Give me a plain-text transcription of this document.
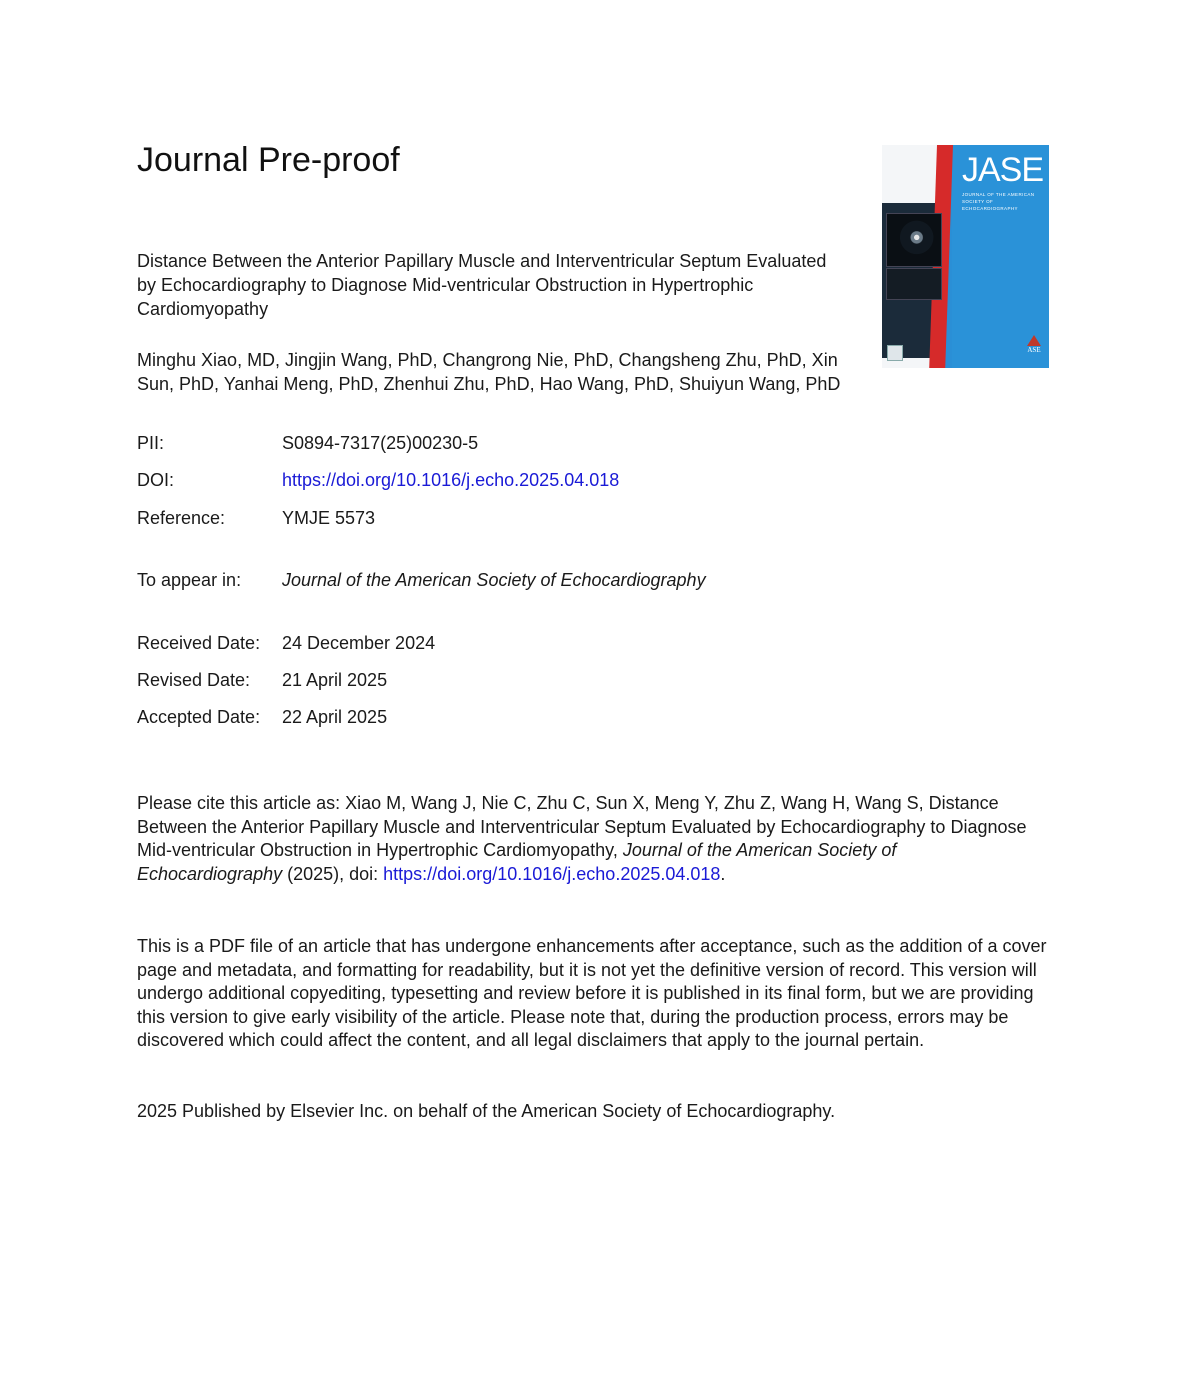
Journal Pre-proof	JASE
JOURNAL OF THE AMERICAN SOCIETY OF ECHOCARDIOGRAPHY
ASE
Distance Between the Anterior Papillary Muscle and Interventricular Septum Evaluated by Echocardiography to Diagnose Mid-ventricular Obstruction in Hypertrophic Cardiomyopathy
Minghu Xiao, MD, Jingjin Wang, PhD, Changrong Nie, PhD, Changsheng Zhu, PhD, Xin Sun, PhD, Yanhai Meng, PhD, Zhenhui Zhu, PhD, Hao Wang, PhD, Shuiyun Wang, PhD
PII:	S0894-7317(25)00230-5
DOI:	https://doi.org/10.1016/j.echo.2025.04.018
Reference:	YMJE 5573
To appear in: Journal of the American Society of Echocardiography
Received Date: 24 December 2024
Revised Date: 21 April 2025
Accepted Date: 22 April 2025
Please cite this article as: Xiao M, Wang J, Nie C, Zhu C, Sun X, Meng Y, Zhu Z, Wang H, Wang S, Distance Between the Anterior Papillary Muscle and Interventricular Septum Evaluated by Echocardiography to Diagnose Mid-ventricular Obstruction in Hypertrophic Cardiomyopathy, Journal of the American Society of Echocardiography (2025), doi: https://doi.org/10.1016/j.echo.2025.04.018.
This is a PDF file of an article that has undergone enhancements after acceptance, such as the addition of a cover page and metadata, and formatting for readability, but it is not yet the definitive version of record. This version will undergo additional copyediting, typesetting and review before it is published in its final form, but we are providing this version to give early visibility of the article. Please note that, during the production process, errors may be discovered which could affect the content, and all legal disclaimers that apply to the journal pertain.
2025 Published by Elsevier Inc. on behalf of the American Society of Echocardiography.
